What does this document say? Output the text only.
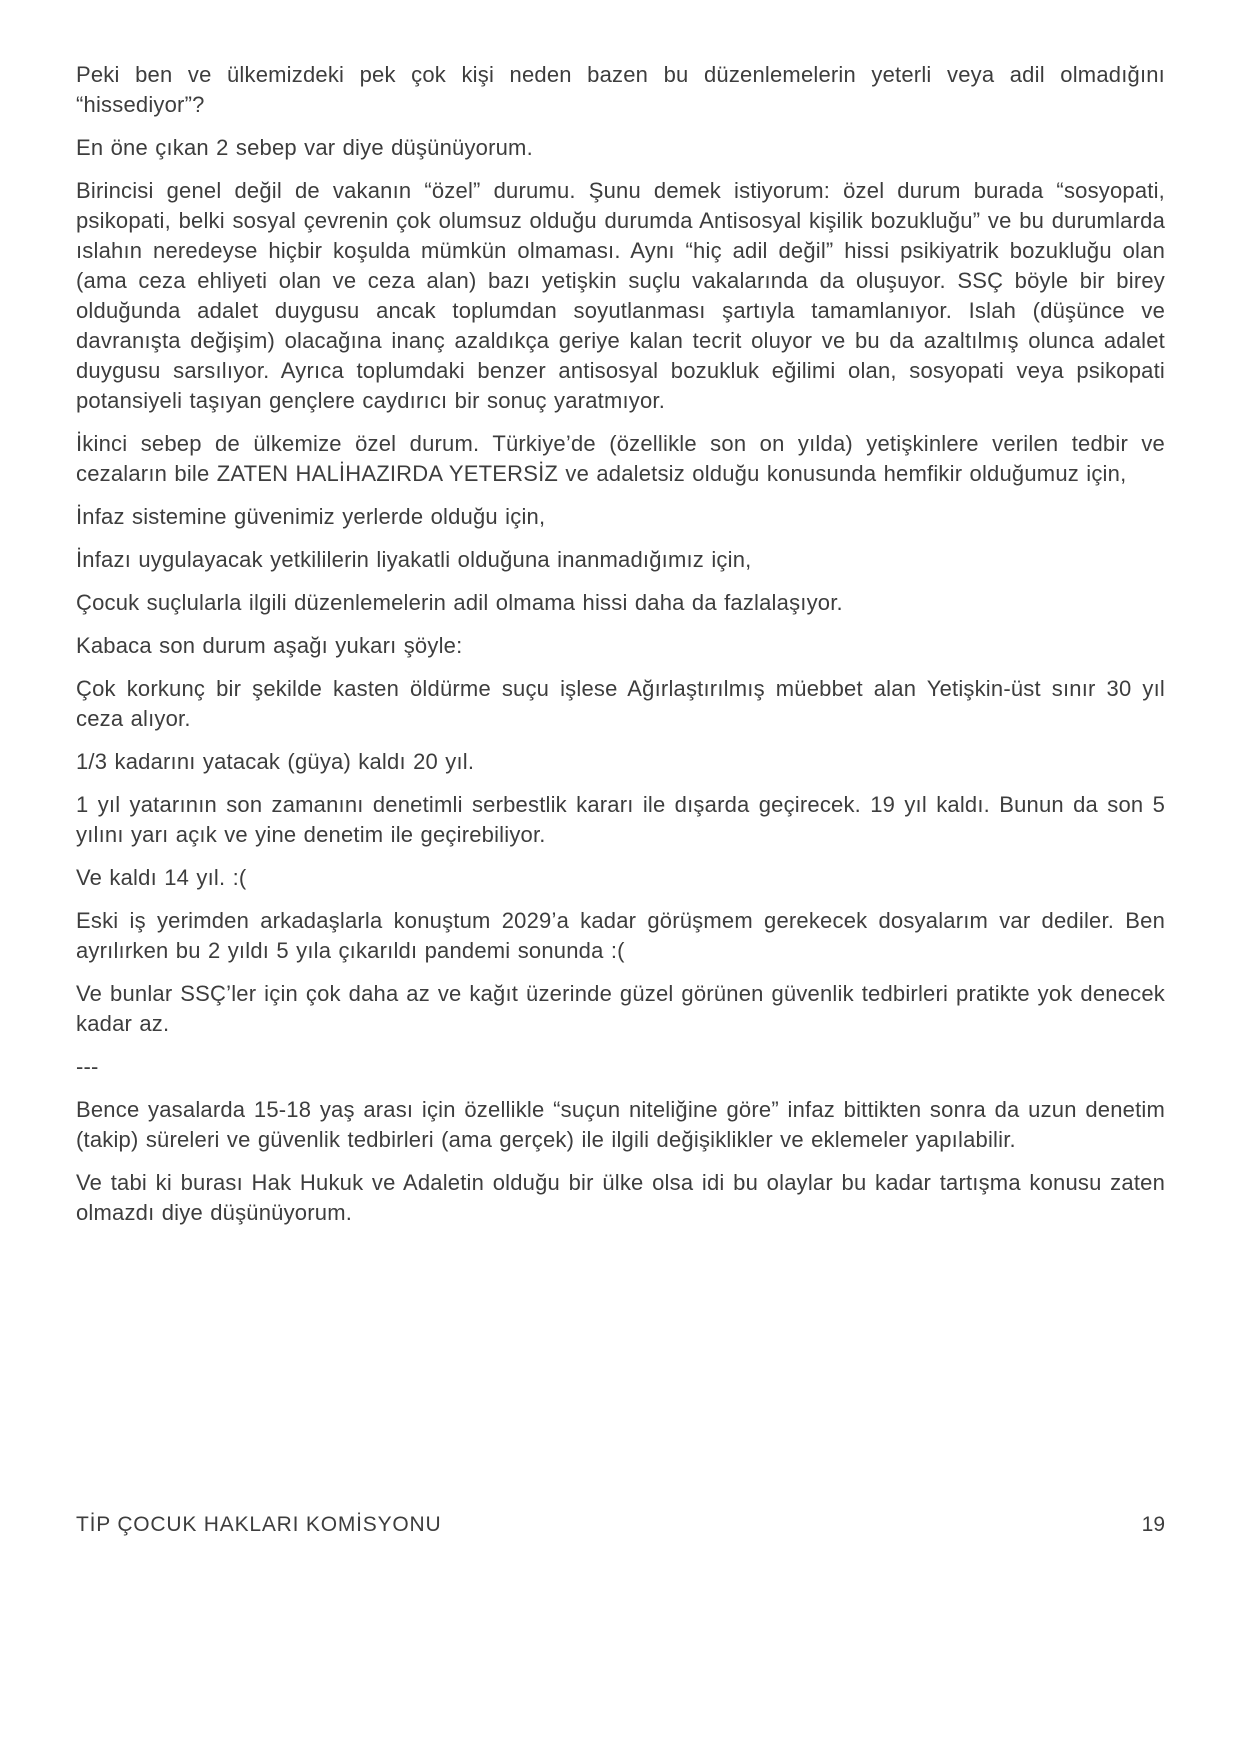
Peki ben ve ülkemizdeki pek çok kişi neden bazen bu düzenlemelerin yeterli veya adil olmadığını “hissediyor”?

En öne çıkan 2 sebep var diye düşünüyorum.

Birincisi genel değil de vakanın “özel” durumu. Şunu demek istiyorum: özel durum burada “sosyopati, psikopati, belki sosyal çevrenin çok olumsuz olduğu durumda Antisosyal kişilik bozukluğu” ve bu durumlarda ıslahın neredeyse hiçbir koşulda mümkün olmaması. Aynı “hiç adil değil” hissi psikiyatrik bozukluğu olan (ama ceza ehliyeti olan ve ceza alan) bazı yetişkin suçlu vakalarında da oluşuyor. SSÇ böyle bir birey olduğunda adalet duygusu ancak toplumdan soyutlanması şartıyla tamamlanıyor. Islah (düşünce ve davranışta değişim) olacağına inanç azaldıkça geriye kalan tecrit oluyor ve bu da azaltılmış olunca adalet duygusu sarsılıyor. Ayrıca toplumdaki benzer antisosyal bozukluk eğilimi olan, sosyopati veya psikopati potansiyeli taşıyan gençlere caydırıcı bir sonuç yaratmıyor.

İkinci sebep de ülkemize özel durum. Türkiye’de (özellikle son on yılda) yetişkinlere verilen tedbir ve cezaların bile ZATEN HALİHAZIRDA YETERSİZ ve adaletsiz olduğu konusunda hemfikir olduğumuz için,

İnfaz sistemine güvenimiz yerlerde olduğu için,

İnfazı uygulayacak yetkililerin liyakatli olduğuna inanmadığımız için,

Çocuk suçlularla ilgili düzenlemelerin adil olmama hissi daha da fazlalaşıyor.

Kabaca son durum aşağı yukarı şöyle:

Çok korkunç bir şekilde kasten öldürme suçu işlese Ağırlaştırılmış müebbet alan Yetişkin-üst sınır 30 yıl ceza alıyor.

1/3 kadarını yatacak (güya) kaldı 20 yıl.

1 yıl yatarının son zamanını denetimli serbestlik kararı ile dışarda geçirecek. 19 yıl kaldı. Bunun da son 5 yılını yarı açık ve yine denetim ile geçirebiliyor.

Ve kaldı 14 yıl. :(

Eski iş yerimden arkadaşlarla konuştum 2029’a kadar görüşmem gerekecek dosyalarım var dediler. Ben ayrılırken bu 2 yıldı 5 yıla çıkarıldı pandemi sonunda :(

Ve bunlar SSÇ’ler için çok daha az ve kağıt üzerinde güzel görünen güvenlik tedbirleri pratikte yok denecek kadar az.

---

Bence yasalarda 15-18 yaş arası için özellikle “suçun niteliğine göre” infaz bittikten sonra da uzun denetim (takip) süreleri ve güvenlik tedbirleri (ama gerçek) ile ilgili değişiklikler ve eklemeler yapılabilir.

Ve tabi ki burası Hak Hukuk ve Adaletin olduğu bir ülke olsa idi bu olaylar bu kadar tartışma konusu zaten olmazdı diye düşünüyorum.

TİP ÇOCUK HAKLARI KOMİSYONU	19
